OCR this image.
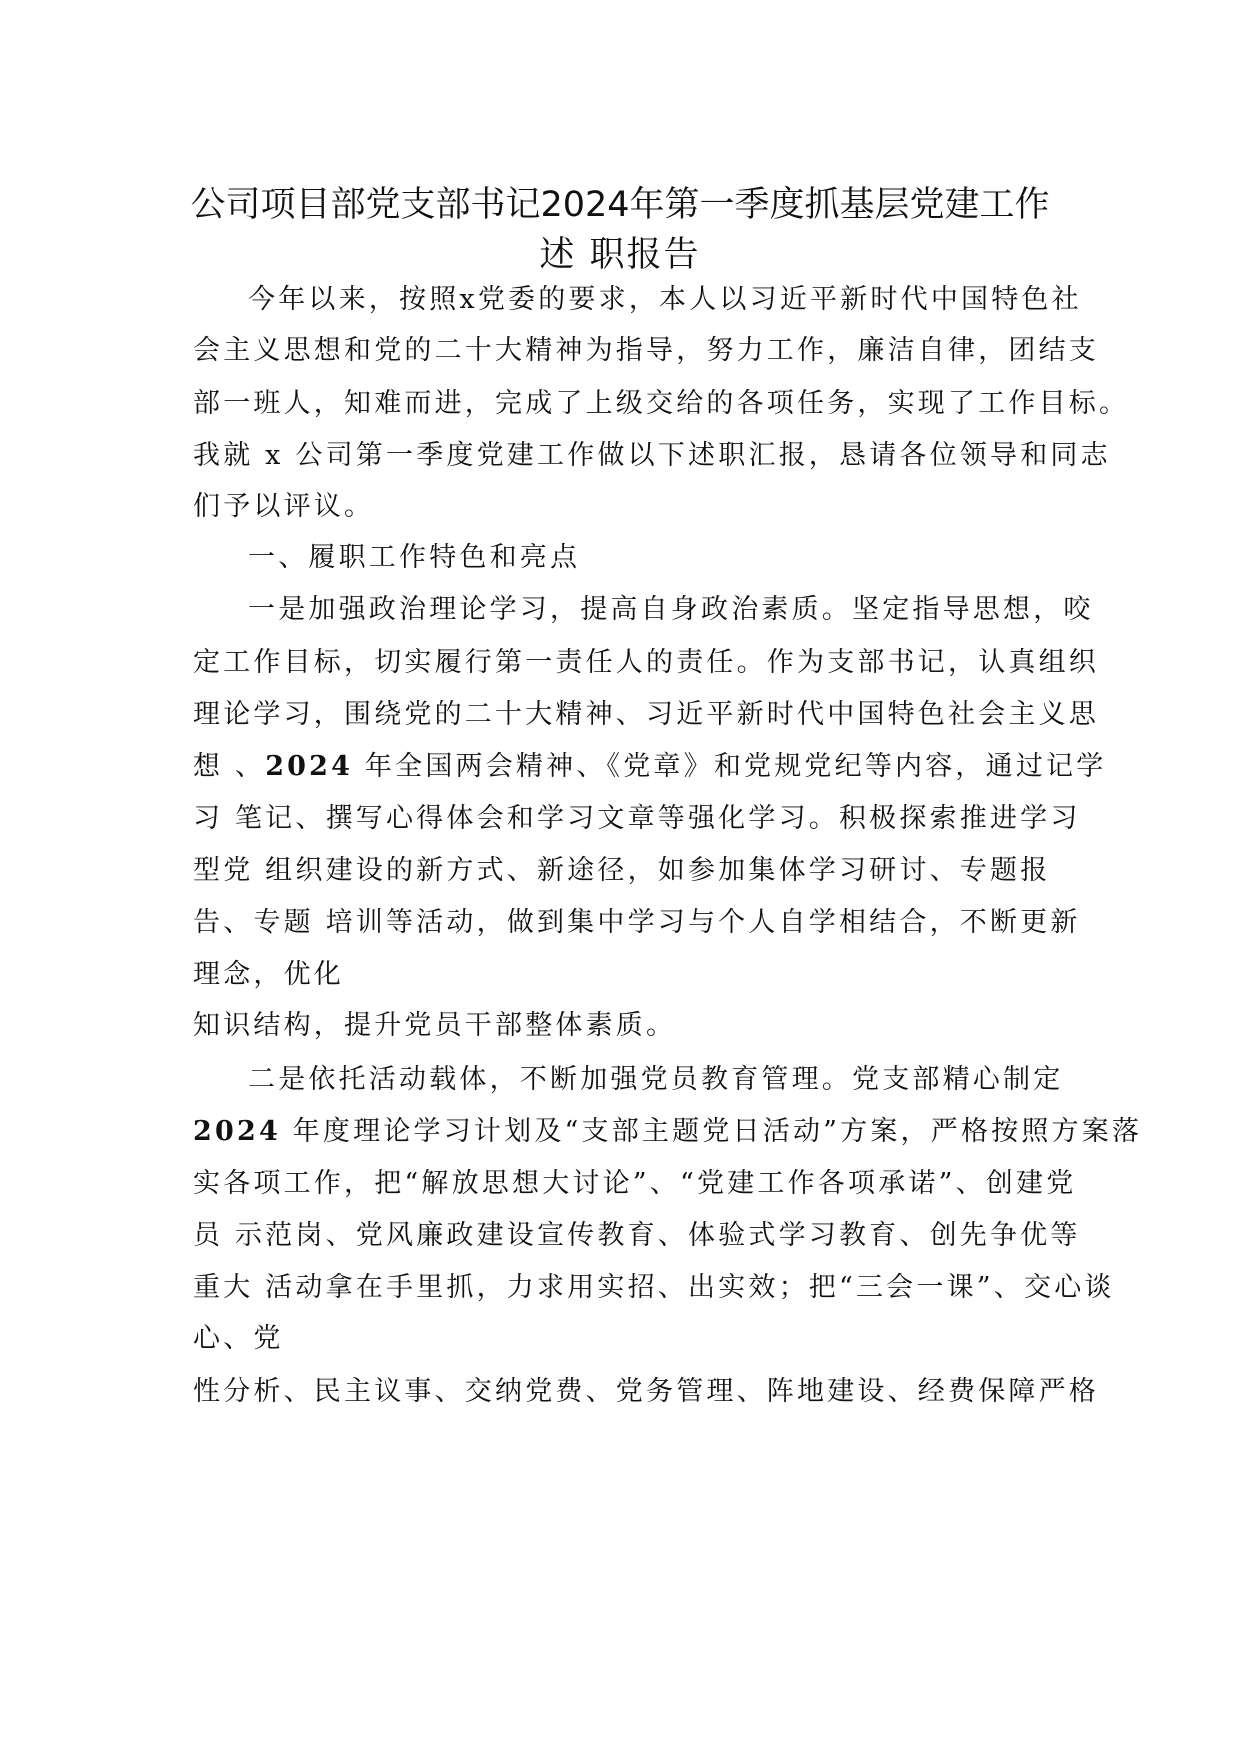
公司项目部党支部书记2024年第一季度抓基层党建工作
述 职报告
今年以来，按照x党委的要求，本人以习近平新时代中国特色社
会主义思想和党的二十大精神为指导，努力工作，廉洁自律，团结支
部一班人，知难而进，完成了上级交给的各项任务，实现了工作目标。
我就 x 公司第一季度党建工作做以下述职汇报，恳请各位领导和同志
们予以评议。
一、履职工作特色和亮点
一是加强政治理论学习，提高自身政治素质。坚定指导思想，咬
定工作目标，切实履行第一责任人的责任。作为支部书记，认真组织
理论学习，围绕党的二十大精神、习近平新时代中国特色社会主义思
想 、2024 年全国两会精神、《党章》和党规党纪等内容，通过记学
习 笔记、撰写心得体会和学习文章等强化学习。积极探索推进学习
型党 组织建设的新方式、新途径，如参加集体学习研讨、专题报
告、专题 培训等活动，做到集中学习与个人自学相结合，不断更新
理念，优化
知识结构，提升党员干部整体素质。
二是依托活动载体，不断加强党员教育管理。党支部精心制定
2024 年度理论学习计划及“支部主题党日活动”方案，严格按照方案落
实各项工作，把“解放思想大讨论”、“党建工作各项承诺”、创建党
员 示范岗、党风廉政建设宣传教育、体验式学习教育、创先争优等
重大 活动拿在手里抓，力求用实招、出实效；把“三会一课”、交心谈
心、党
性分析、民主议事、交纳党费、党务管理、阵地建设、经费保障严格
